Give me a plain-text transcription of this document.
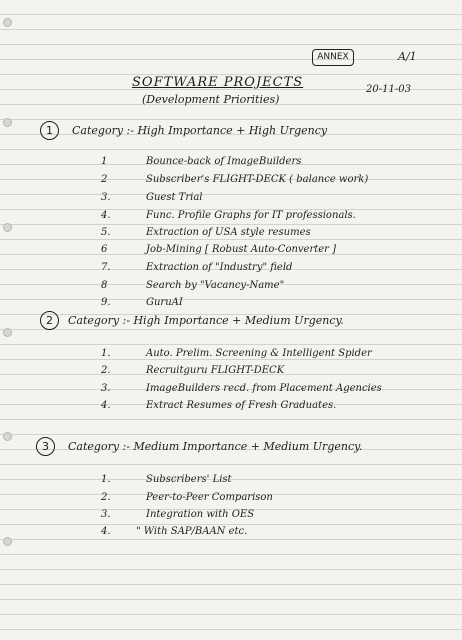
ANNEX	A/1
SOFTWARE PROJECTS	20-11-03
(Development Priorities)
1	Category :- High Importance + High Urgency
1	Bounce-back of ImageBuilders
2	Subscriber's FLIGHT-DECK ( balance work)
3.	Guest Trial
4.	Func. Profile Graphs for IT professionals.
5.	Extraction of USA style resumes
6	Job-Mining [ Robust Auto-Converter ]
7.	Extraction of "Industry" field
8	Search by "Vacancy-Name"
9.	GuruAI
2	Category :- High Importance + Medium Urgency.
1.	Auto. Prelim. Screening & Intelligent Spider
2.	Recruitguru FLIGHT-DECK
3.	ImageBuilders recd. from Placement Agencies
4.	Extract Resumes of Fresh Graduates.
3	Category :- Medium Importance + Medium Urgency.
1.	Subscribers' List
2.	Peer-to-Peer Comparison
3.	Integration with OES
4.	" With SAP/BAAN etc.
